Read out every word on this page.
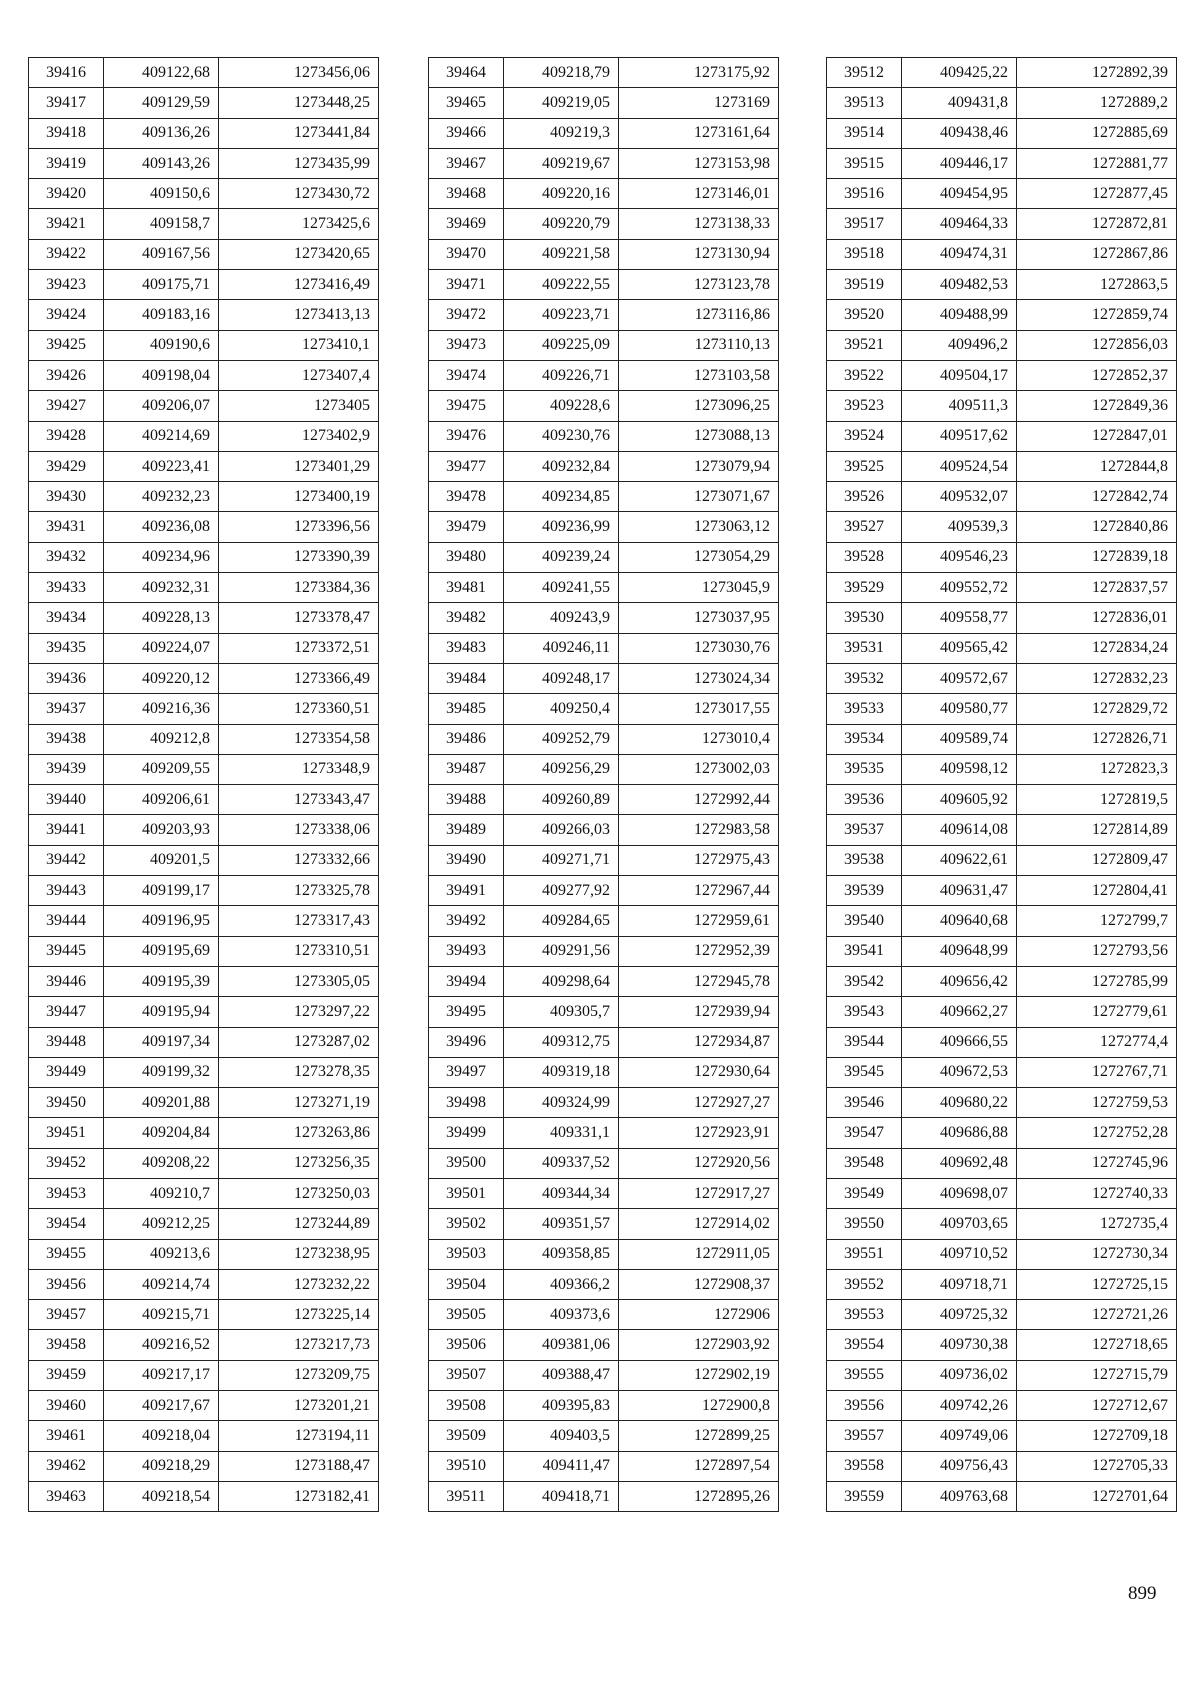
39416	409122,68	1273456,06
39417	409129,59	1273448,25
39418	409136,26	1273441,84
39419	409143,26	1273435,99
39420	409150,6	1273430,72
39421	409158,7	1273425,6
39422	409167,56	1273420,65
39423	409175,71	1273416,49
39424	409183,16	1273413,13
39425	409190,6	1273410,1
39426	409198,04	1273407,4
39427	409206,07	1273405
39428	409214,69	1273402,9
39429	409223,41	1273401,29
39430	409232,23	1273400,19
39431	409236,08	1273396,56
39432	409234,96	1273390,39
39433	409232,31	1273384,36
39434	409228,13	1273378,47
39435	409224,07	1273372,51
39436	409220,12	1273366,49
39437	409216,36	1273360,51
39438	409212,8	1273354,58
39439	409209,55	1273348,9
39440	409206,61	1273343,47
39441	409203,93	1273338,06
39442	409201,5	1273332,66
39443	409199,17	1273325,78
39444	409196,95	1273317,43
39445	409195,69	1273310,51
39446	409195,39	1273305,05
39447	409195,94	1273297,22
39448	409197,34	1273287,02
39449	409199,32	1273278,35
39450	409201,88	1273271,19
39451	409204,84	1273263,86
39452	409208,22	1273256,35
39453	409210,7	1273250,03
39454	409212,25	1273244,89
39455	409213,6	1273238,95
39456	409214,74	1273232,22
39457	409215,71	1273225,14
39458	409216,52	1273217,73
39459	409217,17	1273209,75
39460	409217,67	1273201,21
39461	409218,04	1273194,11
39462	409218,29	1273188,47
39463	409218,54	1273182,41
39464	409218,79	1273175,92
39465	409219,05	1273169
39466	409219,3	1273161,64
39467	409219,67	1273153,98
39468	409220,16	1273146,01
39469	409220,79	1273138,33
39470	409221,58	1273130,94
39471	409222,55	1273123,78
39472	409223,71	1273116,86
39473	409225,09	1273110,13
39474	409226,71	1273103,58
39475	409228,6	1273096,25
39476	409230,76	1273088,13
39477	409232,84	1273079,94
39478	409234,85	1273071,67
39479	409236,99	1273063,12
39480	409239,24	1273054,29
39481	409241,55	1273045,9
39482	409243,9	1273037,95
39483	409246,11	1273030,76
39484	409248,17	1273024,34
39485	409250,4	1273017,55
39486	409252,79	1273010,4
39487	409256,29	1273002,03
39488	409260,89	1272992,44
39489	409266,03	1272983,58
39490	409271,71	1272975,43
39491	409277,92	1272967,44
39492	409284,65	1272959,61
39493	409291,56	1272952,39
39494	409298,64	1272945,78
39495	409305,7	1272939,94
39496	409312,75	1272934,87
39497	409319,18	1272930,64
39498	409324,99	1272927,27
39499	409331,1	1272923,91
39500	409337,52	1272920,56
39501	409344,34	1272917,27
39502	409351,57	1272914,02
39503	409358,85	1272911,05
39504	409366,2	1272908,37
39505	409373,6	1272906
39506	409381,06	1272903,92
39507	409388,47	1272902,19
39508	409395,83	1272900,8
39509	409403,5	1272899,25
39510	409411,47	1272897,54
39511	409418,71	1272895,26
39512	409425,22	1272892,39
39513	409431,8	1272889,2
39514	409438,46	1272885,69
39515	409446,17	1272881,77
39516	409454,95	1272877,45
39517	409464,33	1272872,81
39518	409474,31	1272867,86
39519	409482,53	1272863,5
39520	409488,99	1272859,74
39521	409496,2	1272856,03
39522	409504,17	1272852,37
39523	409511,3	1272849,36
39524	409517,62	1272847,01
39525	409524,54	1272844,8
39526	409532,07	1272842,74
39527	409539,3	1272840,86
39528	409546,23	1272839,18
39529	409552,72	1272837,57
39530	409558,77	1272836,01
39531	409565,42	1272834,24
39532	409572,67	1272832,23
39533	409580,77	1272829,72
39534	409589,74	1272826,71
39535	409598,12	1272823,3
39536	409605,92	1272819,5
39537	409614,08	1272814,89
39538	409622,61	1272809,47
39539	409631,47	1272804,41
39540	409640,68	1272799,7
39541	409648,99	1272793,56
39542	409656,42	1272785,99
39543	409662,27	1272779,61
39544	409666,55	1272774,4
39545	409672,53	1272767,71
39546	409680,22	1272759,53
39547	409686,88	1272752,28
39548	409692,48	1272745,96
39549	409698,07	1272740,33
39550	409703,65	1272735,4
39551	409710,52	1272730,34
39552	409718,71	1272725,15
39553	409725,32	1272721,26
39554	409730,38	1272718,65
39555	409736,02	1272715,79
39556	409742,26	1272712,67
39557	409749,06	1272709,18
39558	409756,43	1272705,33
39559	409763,68	1272701,64
899
